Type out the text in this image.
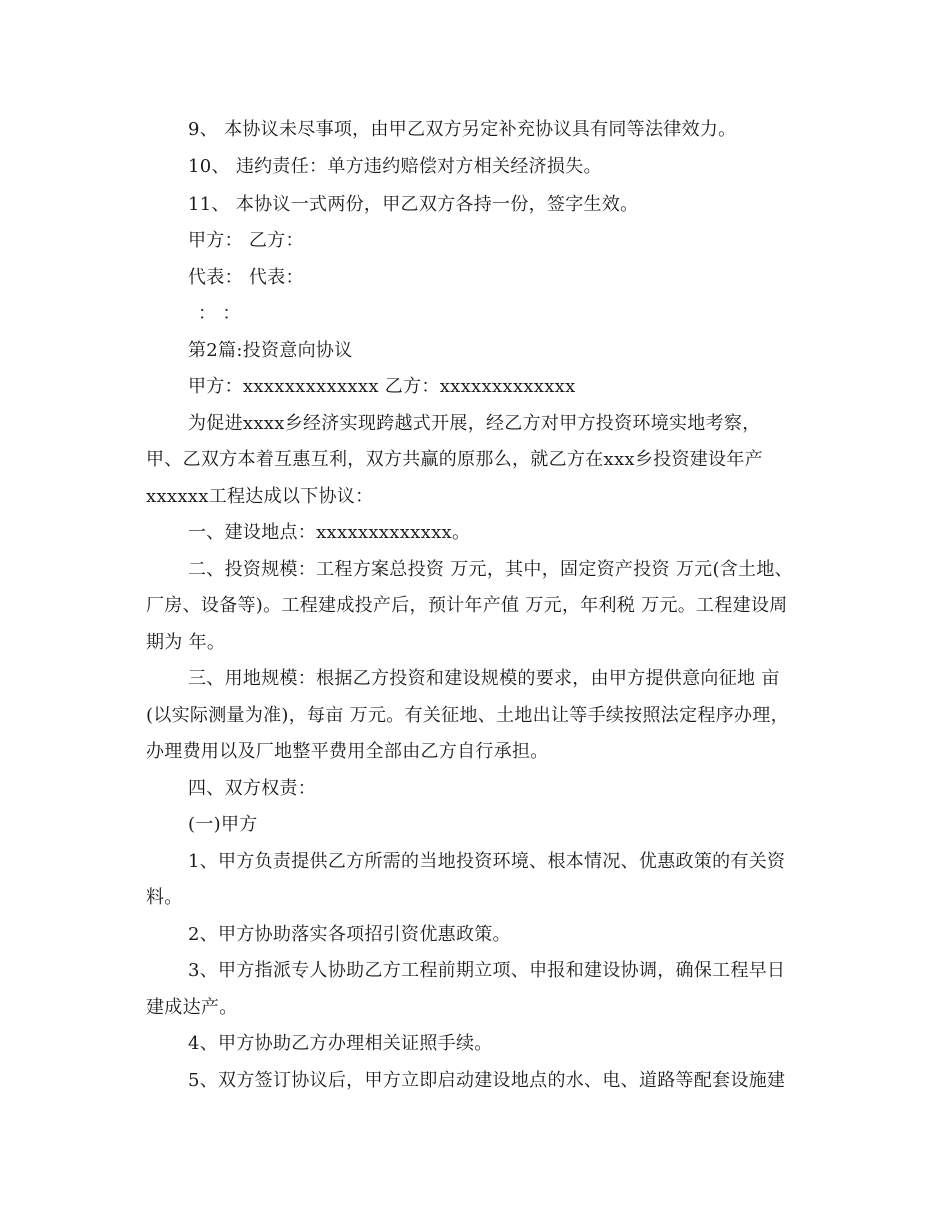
9、 本协议未尽事项，由甲乙双方另定补充协议具有同等法律效力。
10、 违约责任：单方违约赔偿对方相关经济损失。
11、 本协议一式两份，甲乙双方各持一份，签字生效。
甲方： 乙方：
代表： 代表：
： ：
第2篇:投资意向协议
甲方：xxxxxxxxxxxxx 乙方：xxxxxxxxxxxxx
为促进xxxx乡经济实现跨越式开展，经乙方对甲方投资环境实地考察，
甲、乙双方本着互惠互利，双方共赢的原那么，就乙方在xxx乡投资建设年产
xxxxxx工程达成以下协议：
一、建设地点：xxxxxxxxxxxxx。
二、投资规模：工程方案总投资 万元，其中，固定资产投资 万元(含土地、
厂房、设备等)。工程建成投产后，预计年产值 万元，年利税 万元。工程建设周
期为 年。
三、用地规模：根据乙方投资和建设规模的要求，由甲方提供意向征地 亩
(以实际测量为准)，每亩 万元。有关征地、土地出让等手续按照法定程序办理，
办理费用以及厂地整平费用全部由乙方自行承担。
四、双方权责：
(一)甲方
1、甲方负责提供乙方所需的当地投资环境、根本情况、优惠政策的有关资
料。
2、甲方协助落实各项招引资优惠政策。
3、甲方指派专人协助乙方工程前期立项、申报和建设协调，确保工程早日
建成达产。
4、甲方协助乙方办理相关证照手续。
5、双方签订协议后，甲方立即启动建设地点的水、电、道路等配套设施建
